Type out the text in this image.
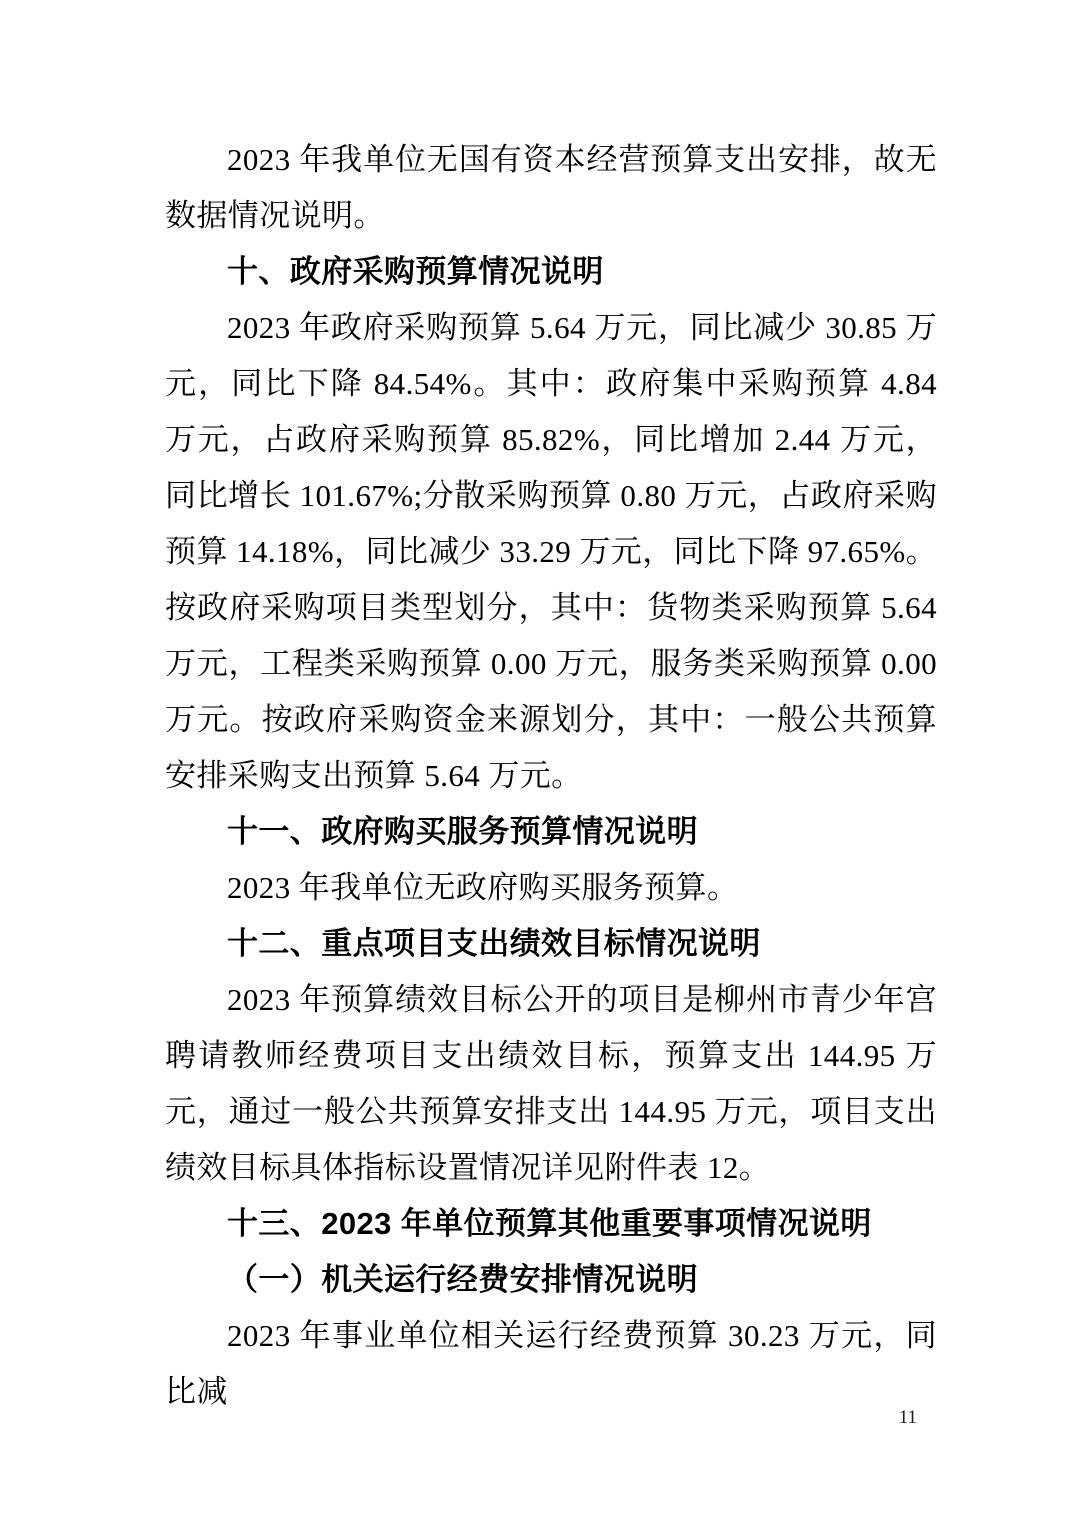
2023 年我单位无国有资本经营预算支出安排，故无数据情况说明。

十、政府采购预算情况说明

2023 年政府采购预算 5.64 万元，同比减少 30.85 万元，同比下降 84.54%。其中：政府集中采购预算 4.84 万元，占政府采购预算 85.82%，同比增加 2.44 万元，同比增长 101.67%;分散采购预算 0.80 万元，占政府采购预算 14.18%，同比减少 33.29 万元，同比下降 97.65%。按政府采购项目类型划分，其中：货物类采购预算 5.64 万元，工程类采购预算 0.00 万元，服务类采购预算 0.00 万元。按政府采购资金来源划分，其中：一般公共预算安排采购支出预算 5.64 万元。

十一、政府购买服务预算情况说明

2023 年我单位无政府购买服务预算。

十二、重点项目支出绩效目标情况说明

2023 年预算绩效目标公开的项目是柳州市青少年宫聘请教师经费项目支出绩效目标，预算支出 144.95 万元，通过一般公共预算安排支出 144.95 万元，项目支出绩效目标具体指标设置情况详见附件表 12。

十三、2023 年单位预算其他重要事项情况说明
（一）机关运行经费安排情况说明

2023 年事业单位相关运行经费预算 30.23 万元，同比减

11
